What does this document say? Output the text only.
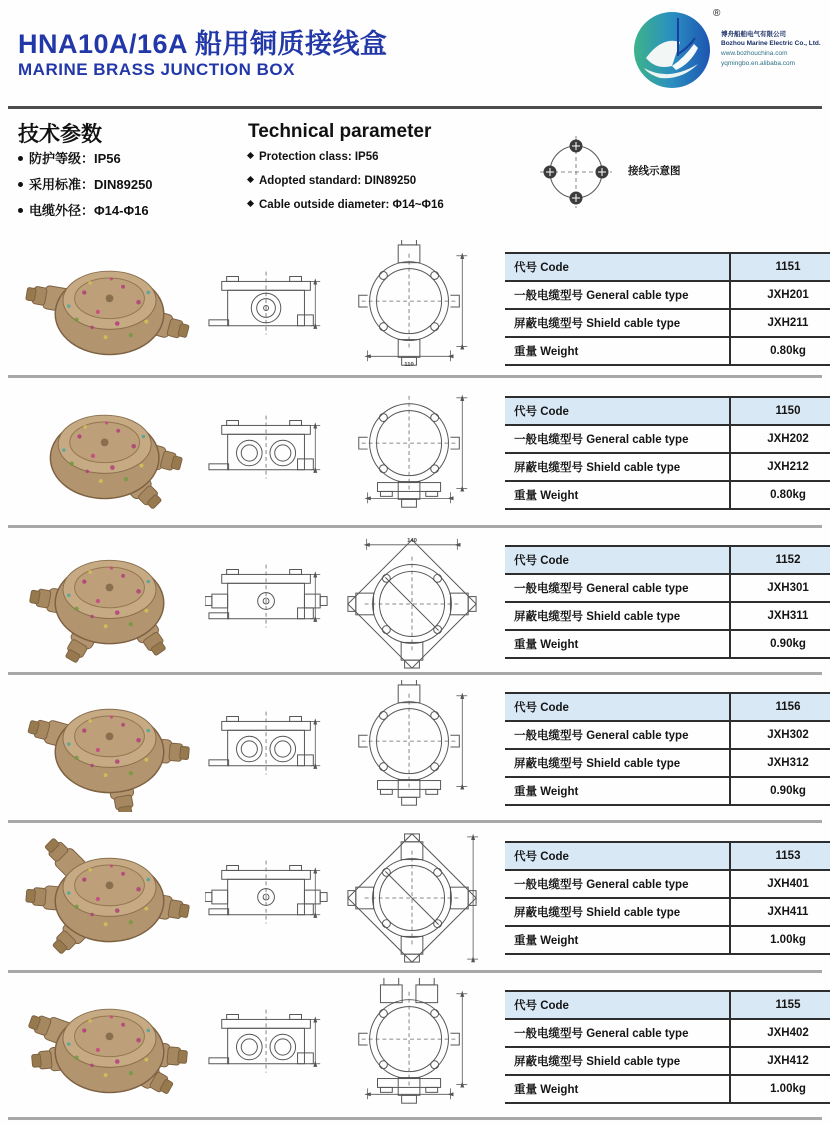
HNA10A/16A 船用铜质接线盒
MARINE BRASS JUNCTION BOX
®
博舟船舶电气有限公司
Bozhou Marine Electric Co., Ltd.
www.bozhouchina.com
yqmingbo.en.alibaba.com
技术参数
防护等级：IP56
采用标准：DIN89250
电缆外径：Φ14-Φ16
Technical parameter
Protection class: IP56
Adopted standard: DIN89250
Cable outside diameter: Φ14~Φ16
接线示意图
110
代号 Code	1151
一般电缆型号 General cable type	JXH201
屏蔽电缆型号 Shield cable type	JXH211
重量 Weight	0.80kg
代号 Code	1150
一般电缆型号 General cable type	JXH202
屏蔽电缆型号 Shield cable type	JXH212
重量 Weight	0.80kg
140
代号 Code	1152
一般电缆型号 General cable type	JXH301
屏蔽电缆型号 Shield cable type	JXH311
重量 Weight	0.90kg
代号 Code	1156
一般电缆型号 General cable type	JXH302
屏蔽电缆型号 Shield cable type	JXH312
重量 Weight	0.90kg
代号 Code	1153
一般电缆型号 General cable type	JXH401
屏蔽电缆型号 Shield cable type	JXH411
重量 Weight	1.00kg
代号 Code	1155
一般电缆型号 General cable type	JXH402
屏蔽电缆型号 Shield cable type	JXH412
重量 Weight	1.00kg
